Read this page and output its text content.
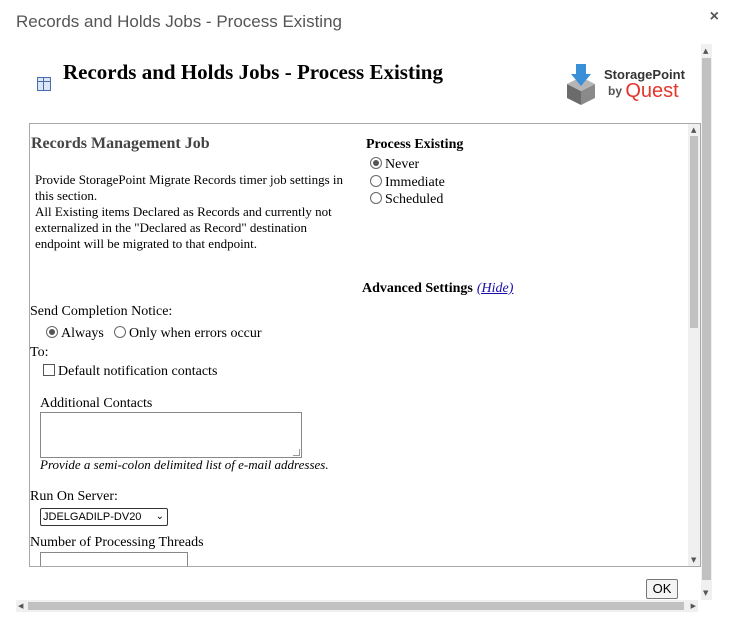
Records and Holds Jobs - Process Existing	×
Records and Holds Jobs - Process Existing	StoragePoint
by Quest
Records Management Job
Provide StoragePoint Migrate Records timer job settings in this section.
All Existing items Declared as Records and currently not externalized in the "Declared as Record" destination endpoint will be migrated to that endpoint.
Process Existing
Never
Immediate
Scheduled
Advanced Settings (Hide)
Send Completion Notice:
Always	Only when errors occur
To:
Default notification contacts
Additional Contacts
Provide a semi-colon delimited list of e-mail addresses.
Run On Server:
JDELGADILP-DV20 ⌄
Number of Processing Threads
▲
▼
OK
▲
▼
◀	▶
